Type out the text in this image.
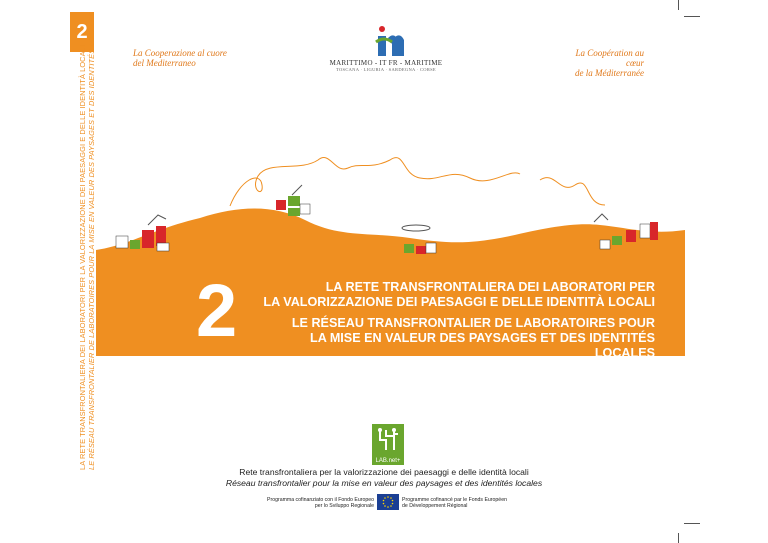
2
LA RETE TRANSFRONTALIERA DEI LABORATORI PER LA VALORIZZAZIONE DEI PAESAGGI E DELLE IDENTITÀ LOCALI LE RÉSEAU TRANSFRONTALIER DE LABORATOIRES POUR LA MISE EN VALEUR DES PAYSAGES ET DES IDENTITÉS LOCALES	La Cooperazione al cuore
del Mediterraneo
La Coopération au cœur
de la Méditerranée
MARITTIMO - IT FR - MARITIME
TOSCANA · LIGURIA · SARDEGNA · CORSE
2	LA RETE TRANSFRONTALIERA DEI LABORATORI PER
LA VALORIZZAZIONE DEI PAESAGGI E DELLE IDENTITÀ LOCALI
LE RÉSEAU TRANSFRONTALIER DE LABORATOIRES POUR
LA MISE EN VALEUR DES PAYSAGES ET DES IDENTITÉS LOCALES
LAB.net+
Rete transfrontaliera per la valorizzazione dei paesaggi e delle identità locali
Réseau transfrontalier pour la mise en valeur des paysages et des identités locales
Programma cofinanziato con il Fondo Europeo
per lo Sviluppo Regionale
Programme cofinancé par le Fonds Européen
de Développement Régional
